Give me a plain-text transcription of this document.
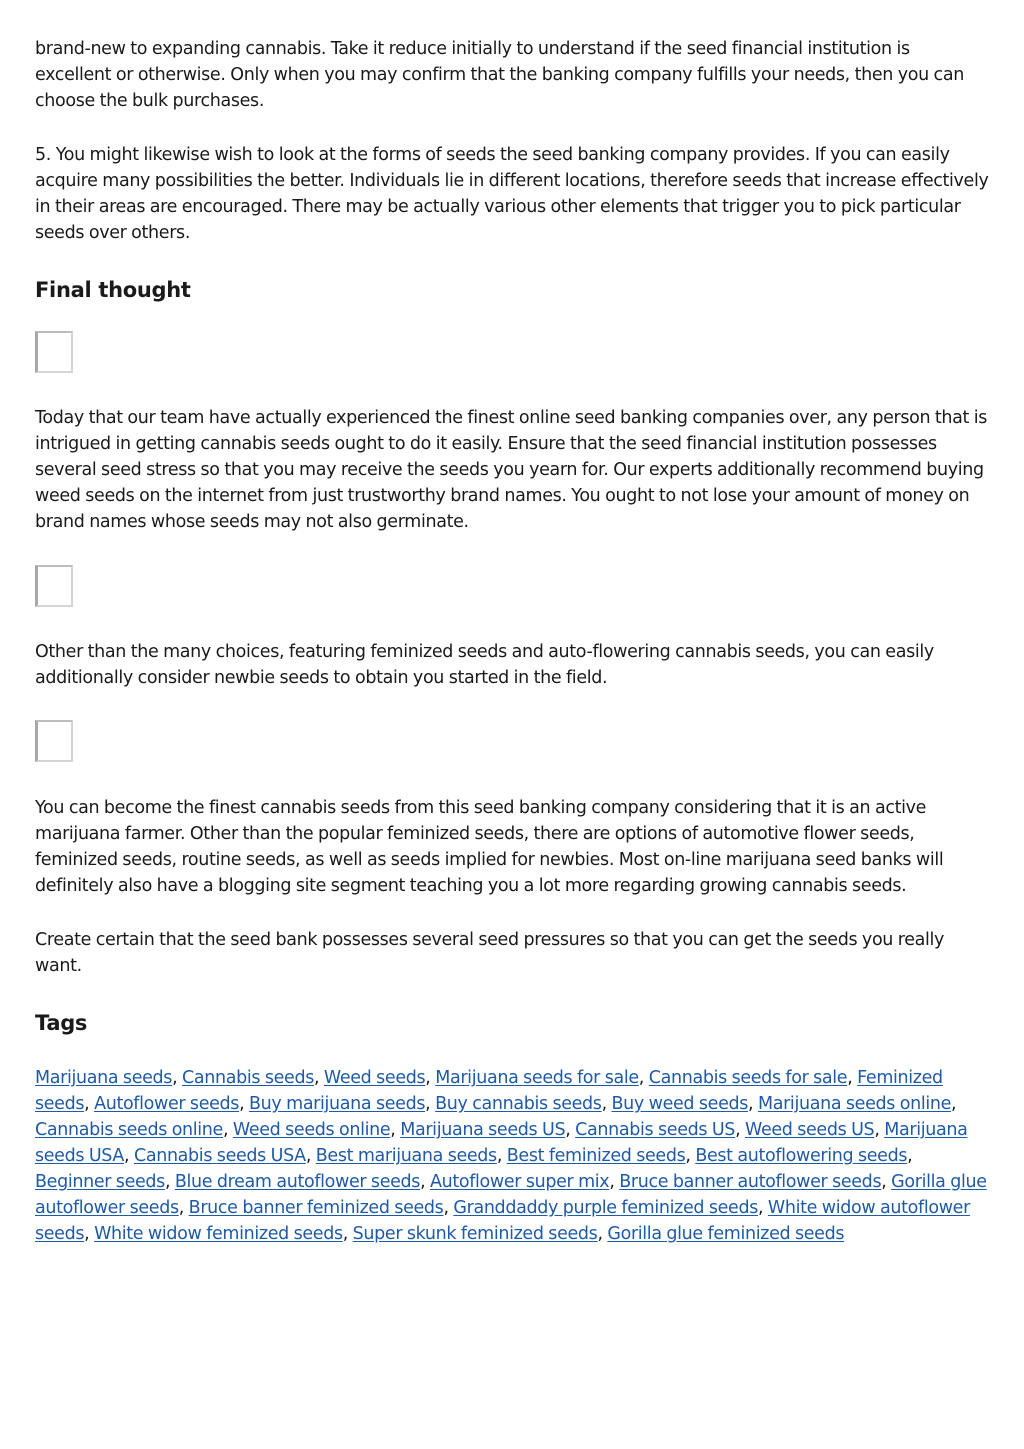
brand-new to expanding cannabis. Take it reduce initially to understand if the seed financial institution is excellent or otherwise. Only when you may confirm that the banking company fulfills your needs, then you can choose the bulk purchases.

5. You might likewise wish to look at the forms of seeds the seed banking company provides. If you can easily acquire many possibilities the better. Individuals lie in different locations, therefore seeds that increase effectively in their areas are encouraged. There may be actually various other elements that trigger you to pick particular seeds over others.

Final thought

Today that our team have actually experienced the finest online seed banking companies over, any person that is intrigued in getting cannabis seeds ought to do it easily. Ensure that the seed financial institution possesses several seed stress so that you may receive the seeds you yearn for. Our experts additionally recommend buying weed seeds on the internet from just trustworthy brand names. You ought to not lose your amount of money on brand names whose seeds may not also germinate.

Other than the many choices, featuring feminized seeds and auto-flowering cannabis seeds, you can easily additionally consider newbie seeds to obtain you started in the field.

You can become the finest cannabis seeds from this seed banking company considering that it is an active marijuana farmer. Other than the popular feminized seeds, there are options of automotive flower seeds, feminized seeds, routine seeds, as well as seeds implied for newbies. Most on-line marijuana seed banks will definitely also have a blogging site segment teaching you a lot more regarding growing cannabis seeds.

Create certain that the seed bank possesses several seed pressures so that you can get the seeds you really want.

Tags

Marijuana seeds, Cannabis seeds, Weed seeds, Marijuana seeds for sale, Cannabis seeds for sale, Feminized seeds, Autoflower seeds, Buy marijuana seeds, Buy cannabis seeds, Buy weed seeds, Marijuana seeds online, Cannabis seeds online, Weed seeds online, Marijuana seeds US, Cannabis seeds US, Weed seeds US, Marijuana seeds USA, Cannabis seeds USA, Best marijuana seeds, Best feminized seeds, Best autoflowering seeds, Beginner seeds, Blue dream autoflower seeds, Autoflower super mix, Bruce banner autoflower seeds, Gorilla glue autoflower seeds, Bruce banner feminized seeds, Granddaddy purple feminized seeds, White widow autoflower seeds, White widow feminized seeds, Super skunk feminized seeds, Gorilla glue feminized seeds
